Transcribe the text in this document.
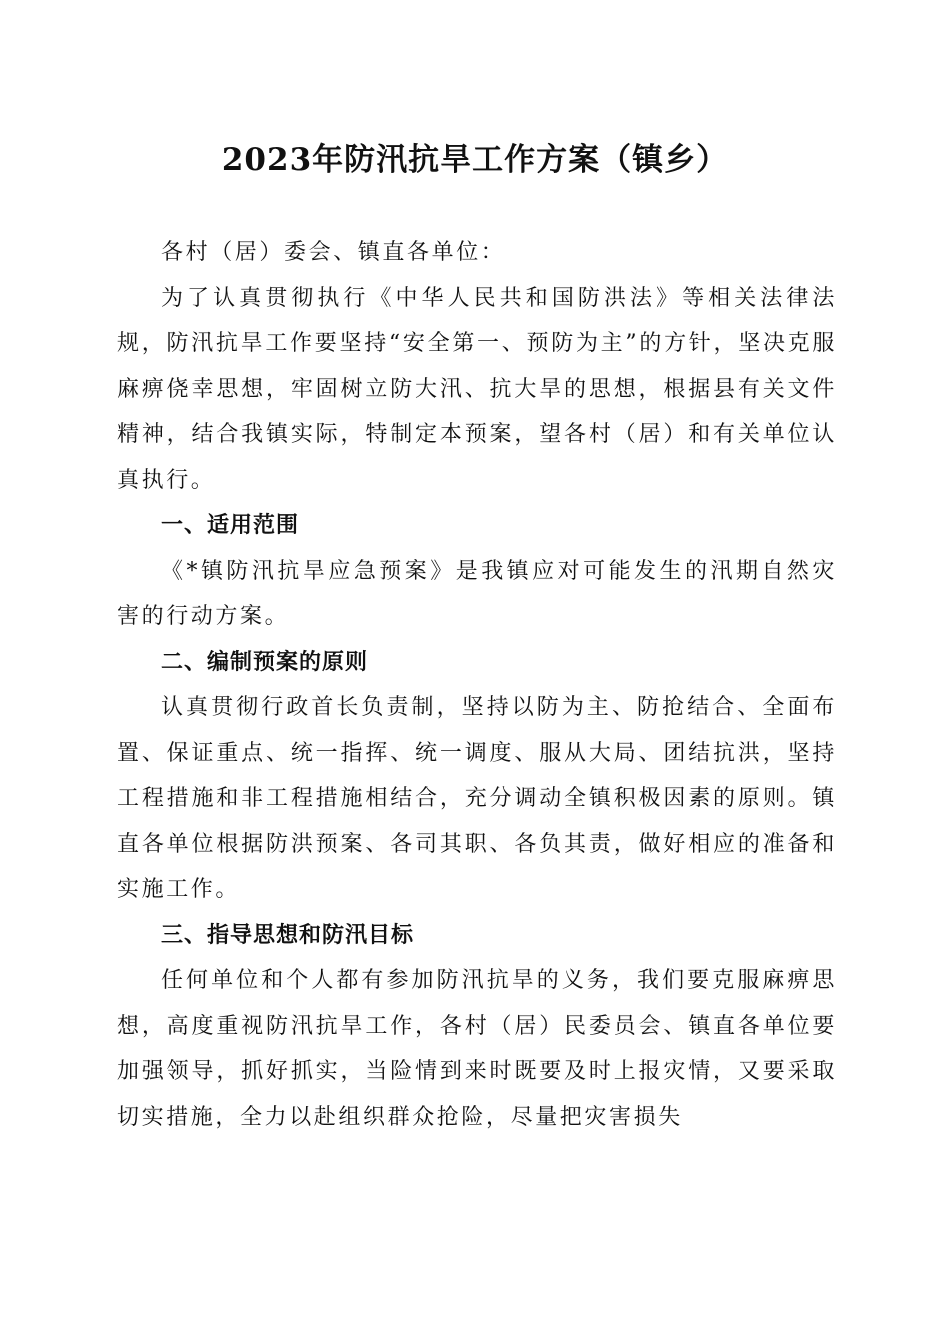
2023年防汛抗旱工作方案（镇乡）

各村（居）委会、镇直各单位：

为了认真贯彻执行《中华人民共和国防洪法》等相关法律法规，防汛抗旱工作要坚持“安全第一、预防为主”的方针，坚决克服麻痹侥幸思想，牢固树立防大汛、抗大旱的思想，根据县有关文件精神，结合我镇实际，特制定本预案，望各村（居）和有关单位认真执行。

一、适用范围

《*镇防汛抗旱应急预案》是我镇应对可能发生的汛期自然灾害的行动方案。

二、编制预案的原则

认真贯彻行政首长负责制，坚持以防为主、防抢结合、全面布置、保证重点、统一指挥、统一调度、服从大局、团结抗洪，坚持工程措施和非工程措施相结合，充分调动全镇积极因素的原则。镇直各单位根据防洪预案、各司其职、各负其责，做好相应的准备和实施工作。

三、指导思想和防汛目标

任何单位和个人都有参加防汛抗旱的义务，我们要克服麻痹思想，高度重视防汛抗旱工作，各村（居）民委员会、镇直各单位要加强领导，抓好抓实，当险情到来时既要及时上报灾情，又要采取切实措施，全力以赴组织群众抢险，尽量把灾害损失
